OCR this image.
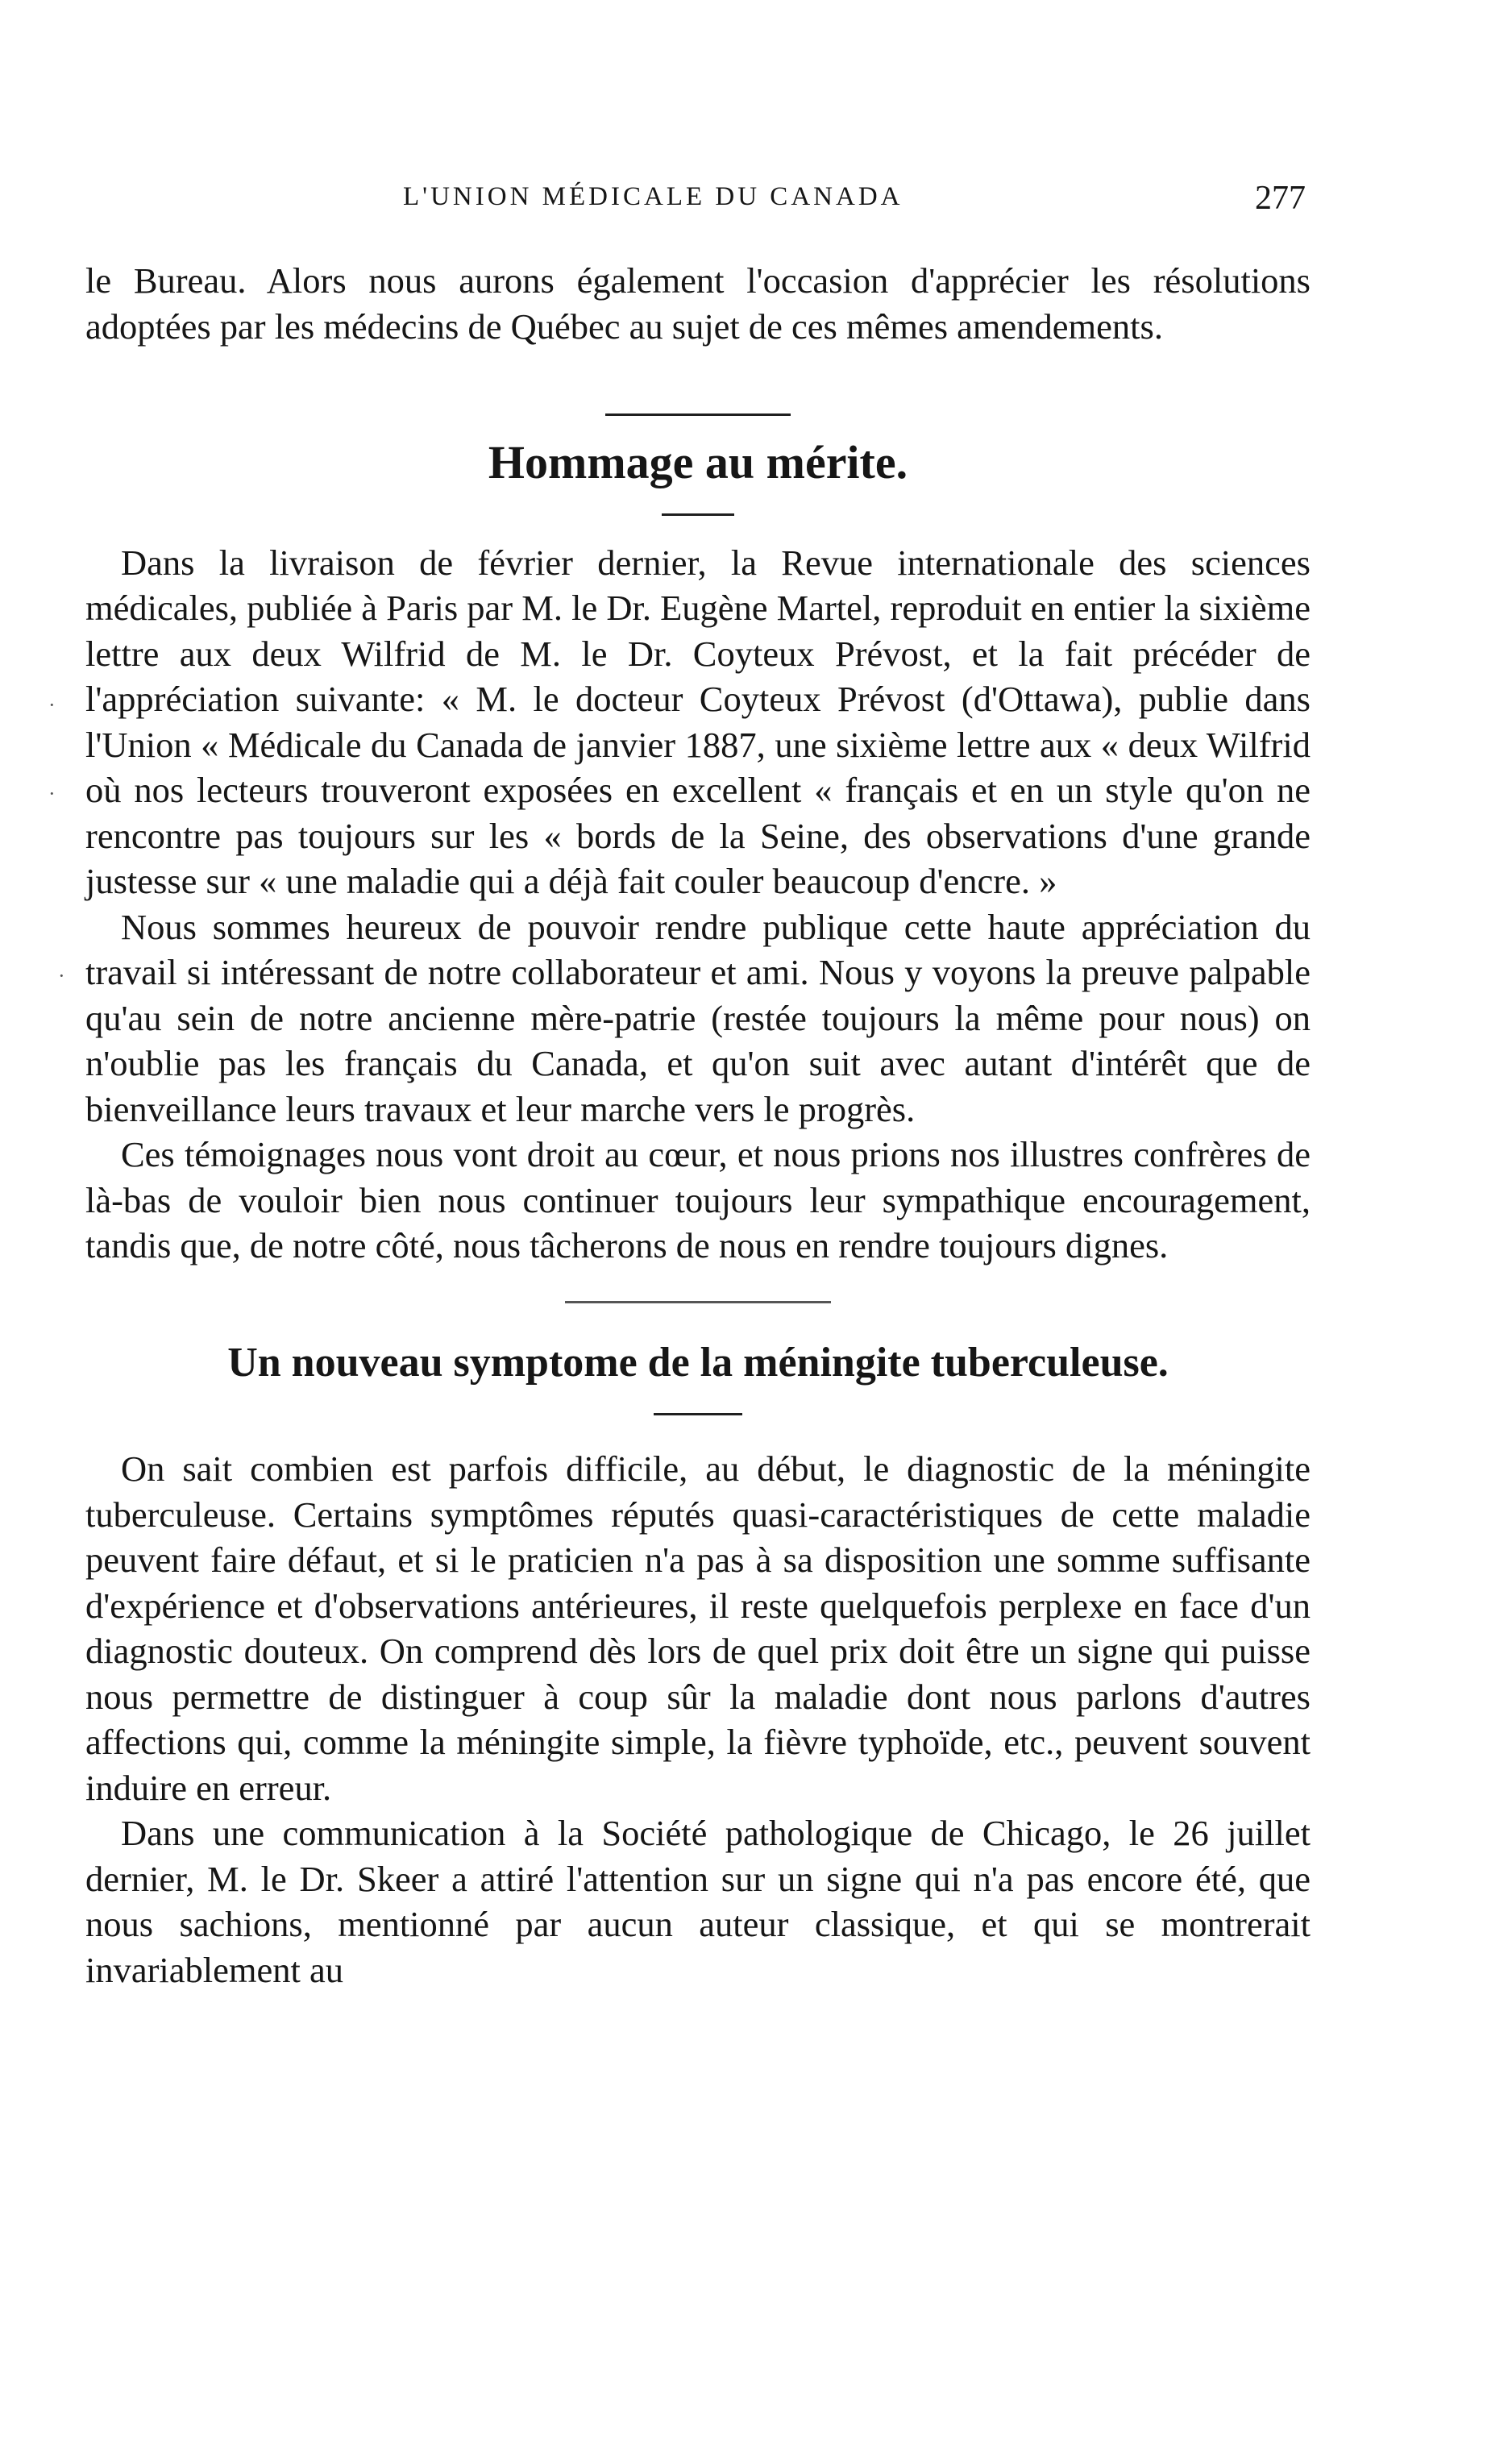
L'UNION MÉDICALE DU CANADA	277
·
·
·

le Bureau. Alors nous aurons également l'occasion d'apprécier les résolutions adoptées par les médecins de Québec au sujet de ces mêmes amendements.

Hommage au mérite.

Dans la livraison de février dernier, la Revue internationale des sciences médicales, publiée à Paris par M. le Dr. Eugène Martel, reproduit en entier la sixième lettre aux deux Wilfrid de M. le Dr. Coyteux Prévost, et la fait précéder de l'appréciation suivante: « M. le docteur Coyteux Prévost (d'Ottawa), publie dans l'Union « Médicale du Canada de janvier 1887, une sixième lettre aux « deux Wilfrid où nos lecteurs trouveront exposées en excellent « français et en un style qu'on ne rencontre pas toujours sur les « bords de la Seine, des observations d'une grande justesse sur « une maladie qui a déjà fait couler beaucoup d'encre. »

Nous sommes heureux de pouvoir rendre publique cette haute appréciation du travail si intéressant de notre collaborateur et ami. Nous y voyons la preuve palpable qu'au sein de notre ancienne mère-patrie (restée toujours la même pour nous) on n'oublie pas les français du Canada, et qu'on suit avec autant d'intérêt que de bienveillance leurs travaux et leur marche vers le progrès.

Ces témoignages nous vont droit au cœur, et nous prions nos illustres confrères de là-bas de vouloir bien nous continuer toujours leur sympathique encouragement, tandis que, de notre côté, nous tâcherons de nous en rendre toujours dignes.

Un nouveau symptome de la méningite tuberculeuse.

On sait combien est parfois difficile, au début, le diagnostic de la méningite tuberculeuse. Certains symptômes réputés quasi-caractéristiques de cette maladie peuvent faire défaut, et si le praticien n'a pas à sa disposition une somme suffisante d'expérience et d'observations antérieures, il reste quelquefois perplexe en face d'un diagnostic douteux. On comprend dès lors de quel prix doit être un signe qui puisse nous permettre de distinguer à coup sûr la maladie dont nous parlons d'autres affections qui, comme la méningite simple, la fièvre typhoïde, etc., peuvent souvent induire en erreur.

Dans une communication à la Société pathologique de Chicago, le 26 juillet dernier, M. le Dr. Skeer a attiré l'attention sur un signe qui n'a pas encore été, que nous sachions, mentionné par aucun auteur classique, et qui se montrerait invariablement au
